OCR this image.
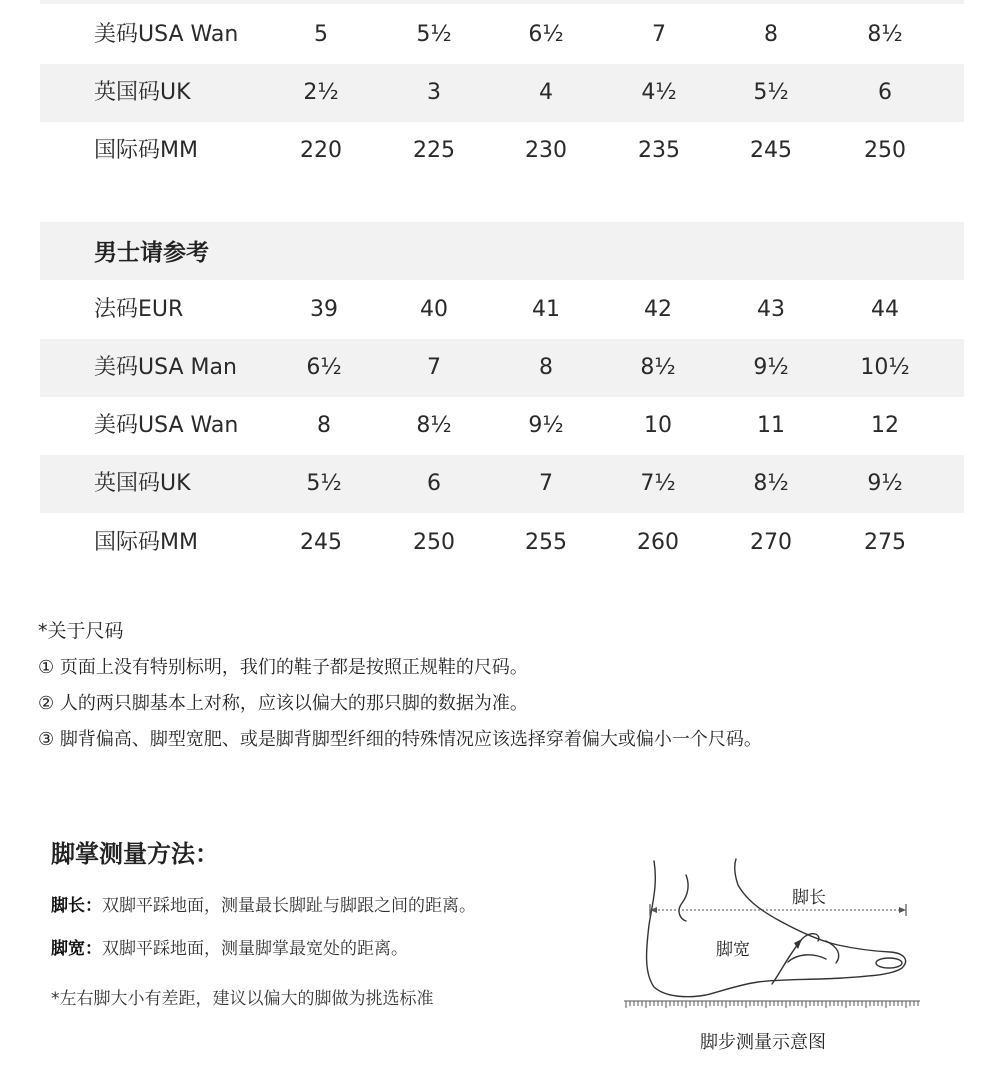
美码USA Wan	5	5½	6½	7	8	8½
英国码UK	2½	3	4	4½	5½	6
国际码MM	220	225	230	235	245	250
男士请参考
法码EUR	39	40	41	42	43	44
美码USA Man	6½	7	8	8½	9½	10½
美码USA Wan	8	8½	9½	10	11	12
英国码UK	5½	6	7	7½	8½	9½
国际码MM	245	250	255	260	270	275
*关于尺码
① 页面上没有特别标明，我们的鞋子都是按照正规鞋的尺码。
② 人的两只脚基本上对称，应该以偏大的那只脚的数据为准。
③ 脚背偏高、脚型宽肥、或是脚背脚型纤细的特殊情况应该选择穿着偏大或偏小一个尺码。
脚掌测量方法：
脚长：双脚平踩地面，测量最长脚趾与脚跟之间的距离。
脚宽：双脚平踩地面，测量脚掌最宽处的距离。
*左右脚大小有差距，建议以偏大的脚做为挑选标准
脚长
脚宽
脚步测量示意图
